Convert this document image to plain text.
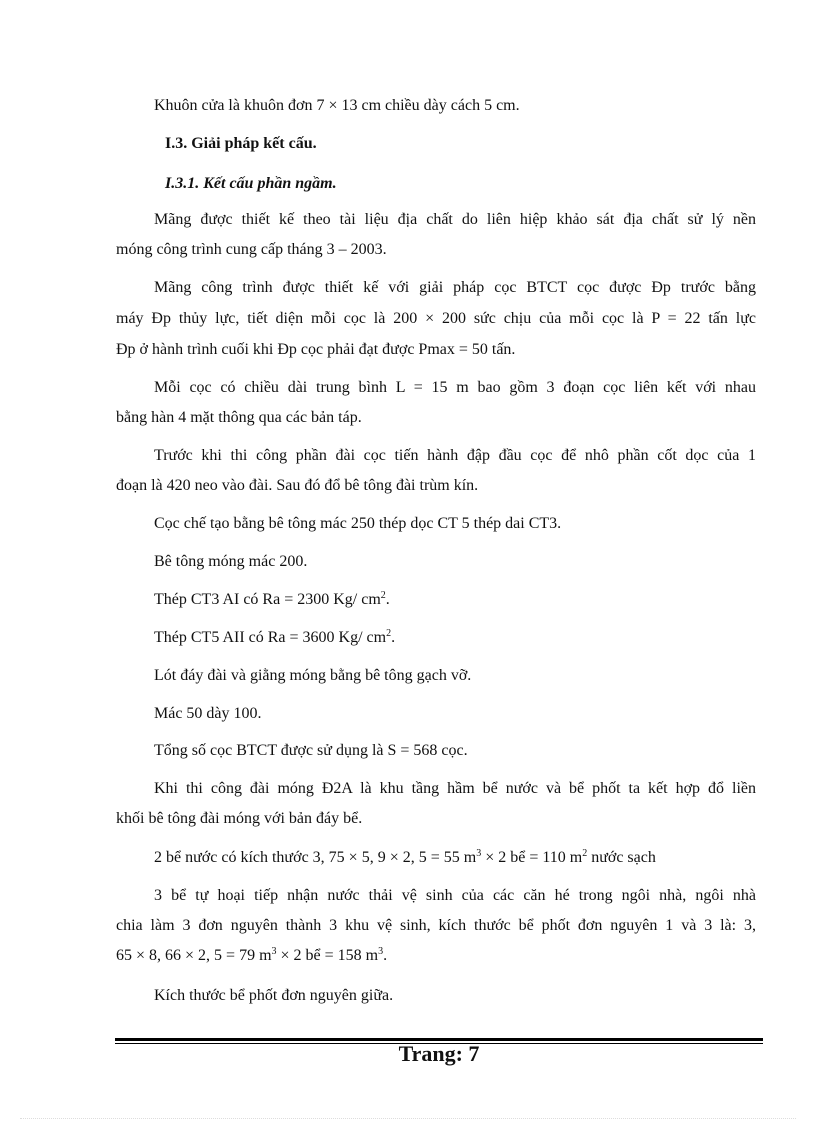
Khuôn cửa là khuôn đơn 7 × 13 cm chiều dày cách 5 cm.
I.3. Giải pháp kết cấu.
I.3.1. Kết cấu phần ngầm.
Mãng được thiết kế theo tài liệu địa chất do liên hiệp khảo sát địa chất sử lý nền
móng công trình cung cấp tháng 3 – 2003.
Mãng công trình được thiết kế với giải pháp cọc BTCT cọc được Đp trước bằng
máy Đp thủy lực, tiết diện mỗi cọc là 200 × 200 sức chịu của mỗi cọc là P = 22 tấn lực
Đp ở hành trình cuối khi Đp cọc phải đạt được Pmax = 50 tấn.
Mỗi cọc có chiều dài trung bình L = 15 m bao gồm 3 đoạn cọc liên kết với nhau
bằng hàn 4 mặt thông qua các bản táp.
Trước khi thi công phần đài cọc tiến hành đập đầu cọc để nhô phần cốt dọc của 1
đoạn là 420 neo vào đài. Sau đó đổ bê tông đài trùm kín.
Cọc chế tạo bằng bê tông mác 250 thép dọc CT 5 thép dai CT3.
Bê tông móng mác 200.
Thép CT3 AI có Ra = 2300 Kg/ $cm^2$.
Thép CT5 AII có Ra = 3600 Kg/ $cm^2$.
Lót đáy đài và giằng móng bằng bê tông gạch vỡ.
Mác 50 dày 100.
Tổng số cọc BTCT được sử dụng là S = 568 cọc.
Khi thi công đài móng Đ2A là khu tầng hầm bể nước và bể phốt ta kết hợp đổ liền
khối bê tông đài móng với bản đáy bể.
2 bể nước có kích thước 3, 75 × 5, 9 × 2, 5 = 55 $m^3 \times 2$ bể = 110 $m^2$ nước sạch
3 bể tự hoại tiếp nhận nước thải vệ sinh của các căn hé trong ngôi nhà, ngôi nhà
chia làm 3 đơn nguyên thành 3 khu vệ sinh, kích thước bể phốt đơn nguyên 1 và 3 là: 3,
65 × 8, 66 × 2, 5 = 79 $m^3 \times 2$ bể = 158 $m^3$.
Kích thước bể phốt đơn nguyên giữa.
Trang: 7
